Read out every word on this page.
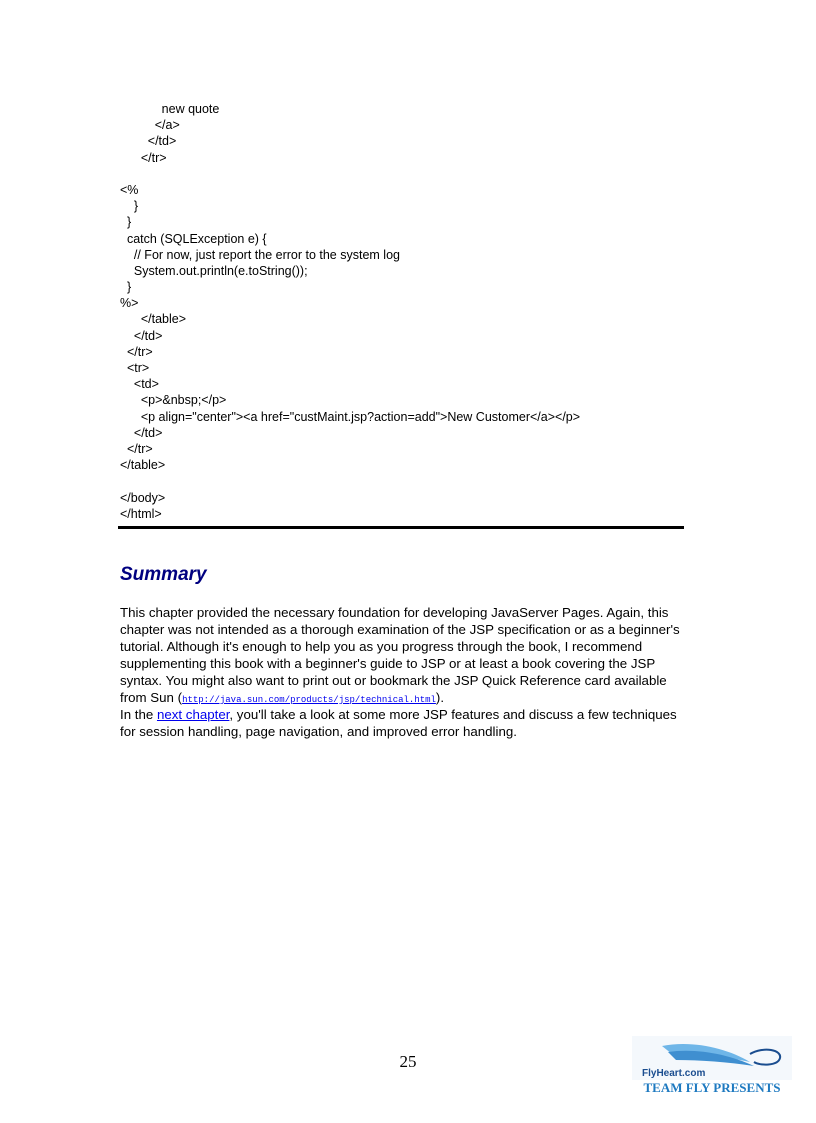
new quote
</a>
</td>
</tr>
<%
}
}
catch (SQLException e) {
// For now, just report the error to the system log
System.out.println(e.toString());
}
%>
</table>
</td>
</tr>
<tr>
<td>
<p>&nbsp;</p>
<p align="center"><a href="custMaint.jsp?action=add">New Customer</a></p>
</td>
</tr>
</table>
</body>
</html>
Summary
This chapter provided the necessary foundation for developing JavaServer Pages. Again, this
chapter was not intended as a thorough examination of the JSP specification or as a beginner's
tutorial. Although it's enough to help you as you progress through the book, I recommend
supplementing this book with a beginner's guide to JSP or at least a book covering the JSP
syntax. You might also want to print out or bookmark the JSP Quick Reference card available
from Sun (http://java.sun.com/products/jsp/technical.html).
In the next chapter, you'll take a look at some more JSP features and discuss a few techniques
for session handling, page navigation, and improved error handling.
25
FlyHeart.com
TEAM FLY PRESENTS
